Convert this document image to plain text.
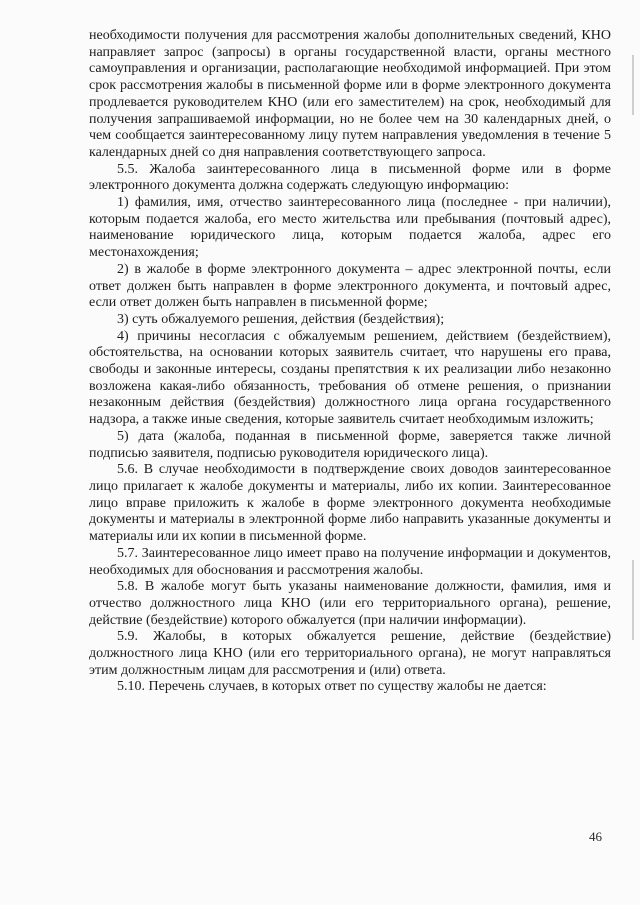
необходимости получения для рассмотрения жалобы дополнительных сведений, КНО направляет запрос (запросы) в органы государственной власти, органы местного самоуправления и организации, располагающие необходимой информацией. При этом срок рассмотрения жалобы в письменной форме или в форме электронного документа продлевается руководителем КНО (или его заместителем) на срок, необходимый для получения запрашиваемой информации, но не более чем на 30 календарных дней, о чем сообщается заинтересованному лицу путем направления уведомления в течение 5 календарных дней со дня направления соответствующего запроса.

5.5. Жалоба заинтересованного лица в письменной форме или в форме электронного документа должна содержать следующую информацию:

1) фамилия, имя, отчество заинтересованного лица (последнее - при наличии), которым подается жалоба, его место жительства или пребывания (почтовый адрес), наименование юридического лица, которым подается жалоба, адрес его местонахождения;

2) в жалобе в форме электронного документа – адрес электронной почты, если ответ должен быть направлен в форме электронного документа, и почтовый адрес, если ответ должен быть направлен в письменной форме;

3) суть обжалуемого решения, действия (бездействия);

4) причины несогласия с обжалуемым решением, действием (бездействием), обстоятельства, на основании которых заявитель считает, что нарушены его права, свободы и законные интересы, созданы препятствия к их реализации либо незаконно возложена какая-либо обязанность, требования об отмене решения, о признании незаконным действия (бездействия) должностного лица органа государственного надзора, а также иные сведения, которые заявитель считает необходимым изложить;

5) дата (жалоба, поданная в письменной форме, заверяется также личной подписью заявителя, подписью руководителя юридического лица).

5.6. В случае необходимости в подтверждение своих доводов заинтересованное лицо прилагает к жалобе документы и материалы, либо их копии. Заинтересованное лицо вправе приложить к жалобе в форме электронного документа необходимые документы и материалы в электронной форме либо направить указанные документы и материалы или их копии в письменной форме.

5.7. Заинтересованное лицо имеет право на получение информации и документов, необходимых для обоснования и рассмотрения жалобы.

5.8. В жалобе могут быть указаны наименование должности, фамилия, имя и отчество должностного лица КНО (или его территориального органа), решение, действие (бездействие) которого обжалуется (при наличии информации).

5.9. Жалобы, в которых обжалуется решение, действие (бездействие) должностного лица КНО (или его территориального органа), не могут направляться этим должностным лицам для рассмотрения и (или) ответа.

5.10. Перечень случаев, в которых ответ по существу жалобы не дается:

46
